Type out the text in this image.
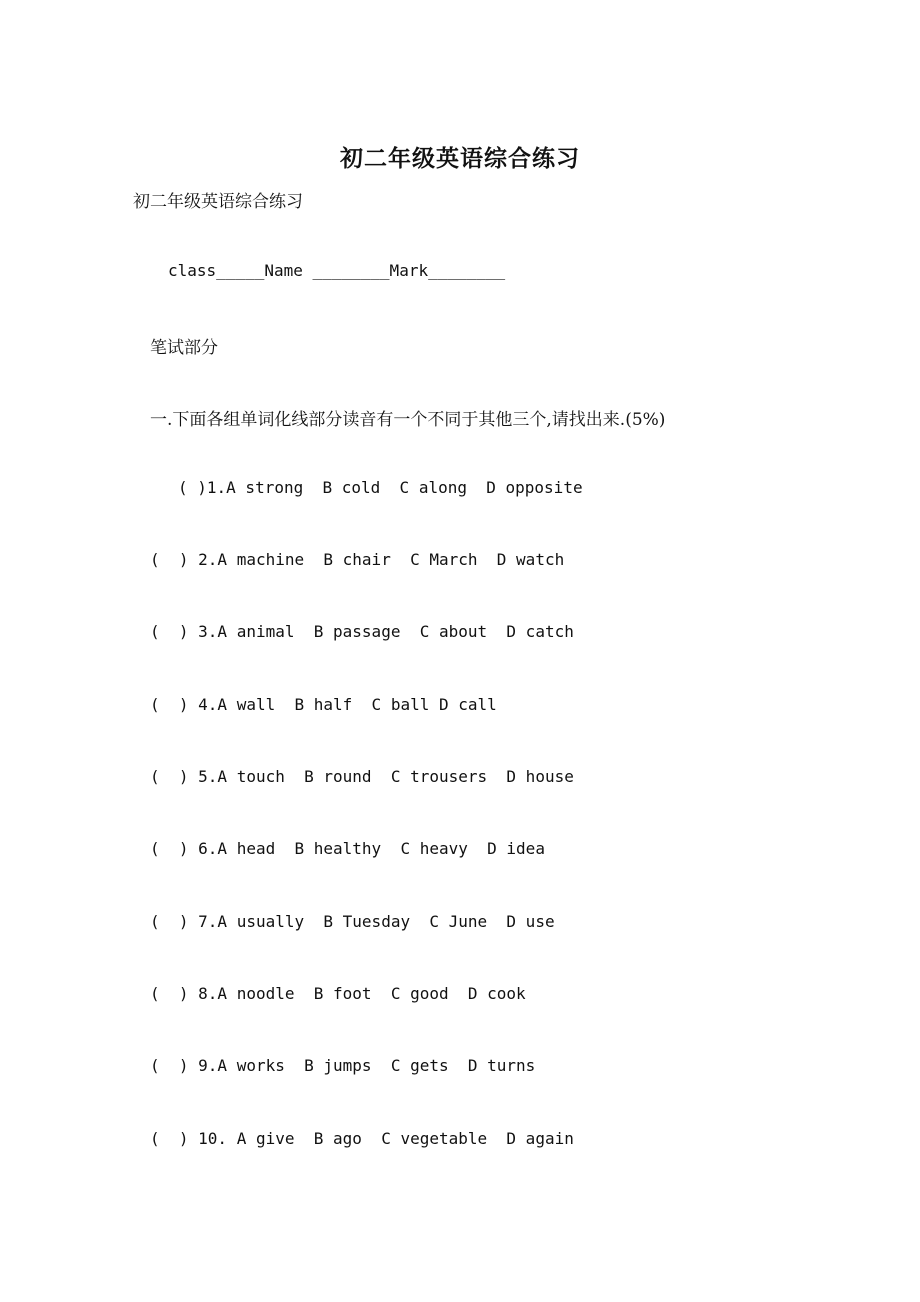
初二年级英语综合练习
初二年级英语综合练习
class_____Name ________Mark________
笔试部分
一.下面各组单词化线部分读音有一个不同于其他三个,请找出来.(5%)
( )1.A strong  B cold  C along  D opposite
(  ) 2.A machine  B chair  C March  D watch
(  ) 3.A animal  B passage  C about  D catch
(  ) 4.A wall  B half  C ball D call
(  ) 5.A touch  B round  C trousers  D house
(  ) 6.A head  B healthy  C heavy  D idea
(  ) 7.A usually  B Tuesday  C June  D use
(  ) 8.A noodle  B foot  C good  D cook
(  ) 9.A works  B jumps  C gets  D turns
(  ) 10. A give  B ago  C vegetable  D again
